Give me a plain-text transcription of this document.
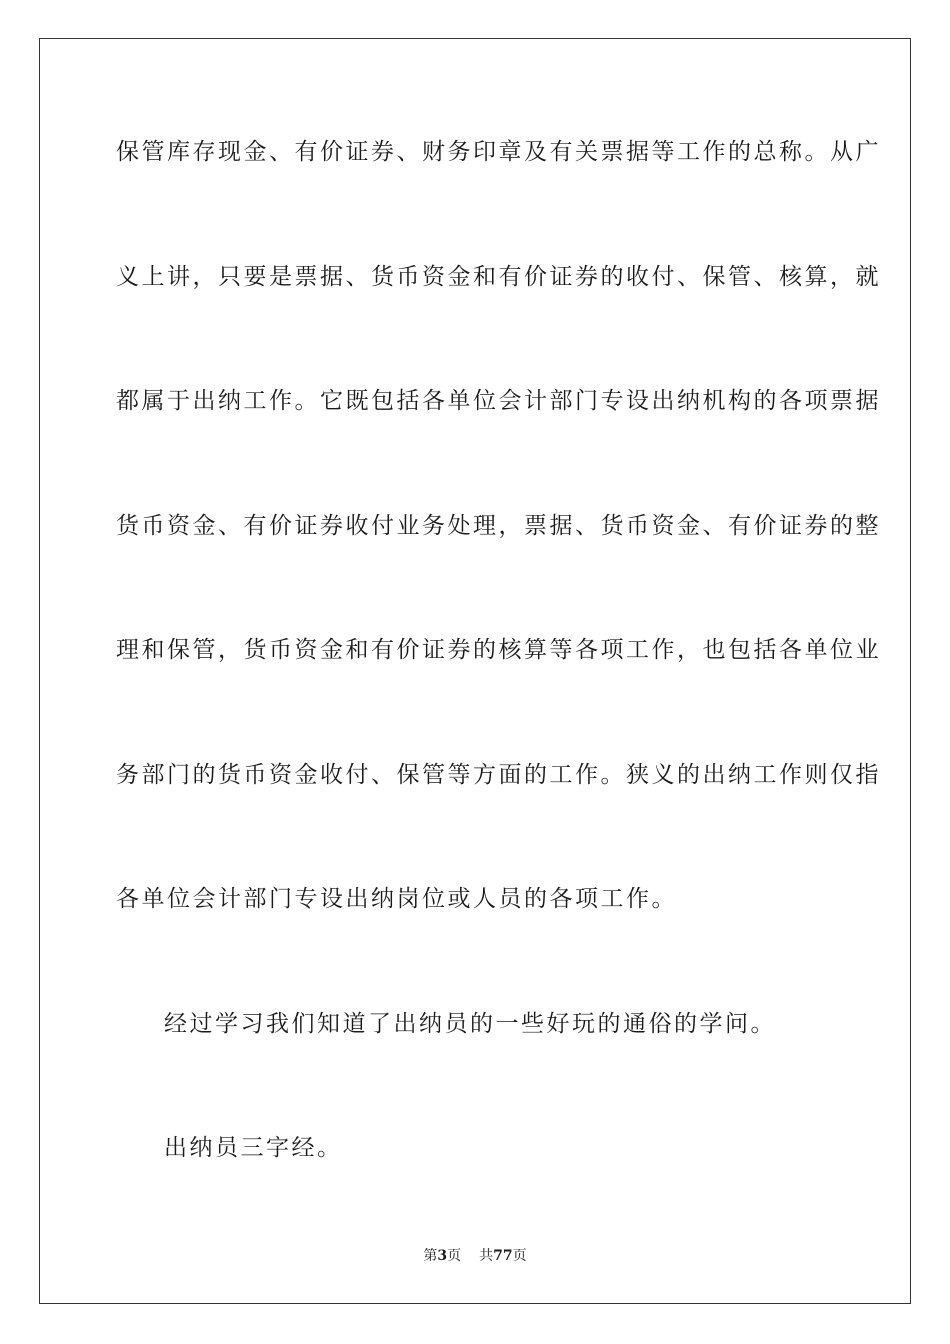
保管库存现金、有价证券、财务印章及有关票据等工作的总称。从广
义上讲，只要是票据、货币资金和有价证券的收付、保管、核算，就
都属于出纳工作。它既包括各单位会计部门专设出纳机构的各项票据
货币资金、有价证券收付业务处理，票据、货币资金、有价证券的整
理和保管，货币资金和有价证券的核算等各项工作，也包括各单位业
务部门的货币资金收付、保管等方面的工作。狭义的出纳工作则仅指
各单位会计部门专设出纳岗位或人员的各项工作。
经过学习我们知道了出纳员的一些好玩的通俗的学问。
出纳员三字经。
第3页 共77页
